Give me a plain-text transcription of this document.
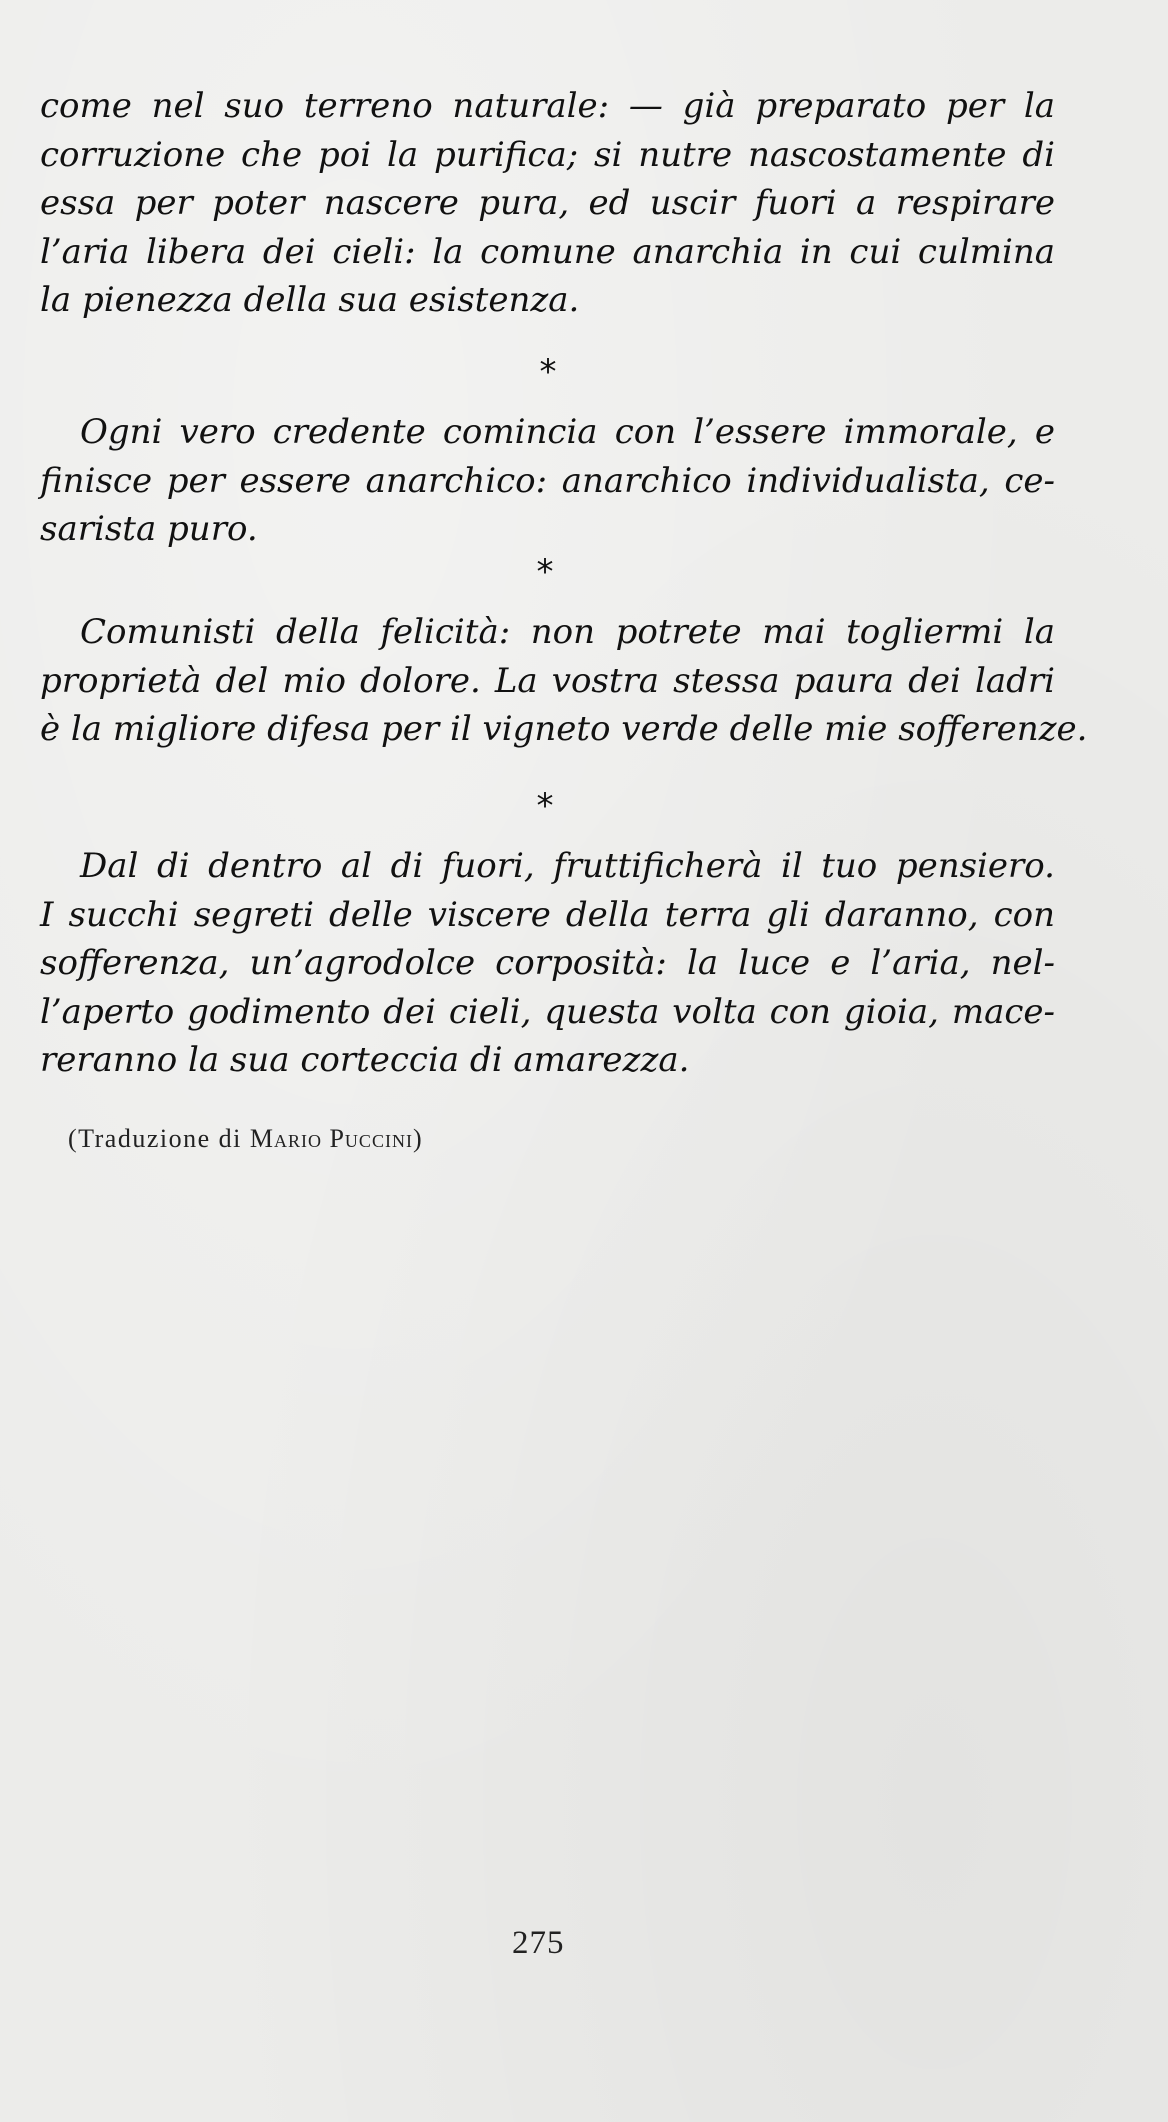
come nel suo terreno naturale: — già preparato per la
corruzione che poi la purifica; si nutre nascostamente di
essa per poter nascere pura, ed uscir fuori a respirare
l’aria libera dei cieli: la comune anarchia in cui culmina
la pienezza della sua esistenza.
*
Ogni vero credente comincia con l’essere immorale, e
finisce per essere anarchico: anarchico individualista, ce-
sarista puro.
*
Comunisti della felicità: non potrete mai togliermi la
proprietà del mio dolore. La vostra stessa paura dei ladri
è la migliore difesa per il vigneto verde delle mie sofferenze.
*
Dal di dentro al di fuori, fruttificherà il tuo pensiero.
I succhi segreti delle viscere della terra gli daranno, con
sofferenza, un’agrodolce corposità: la luce e l’aria, nel-
l’aperto godimento dei cieli, questa volta con gioia, mace-
reranno la sua corteccia di amarezza.
(Traduzione di Mario Puccini)
275
